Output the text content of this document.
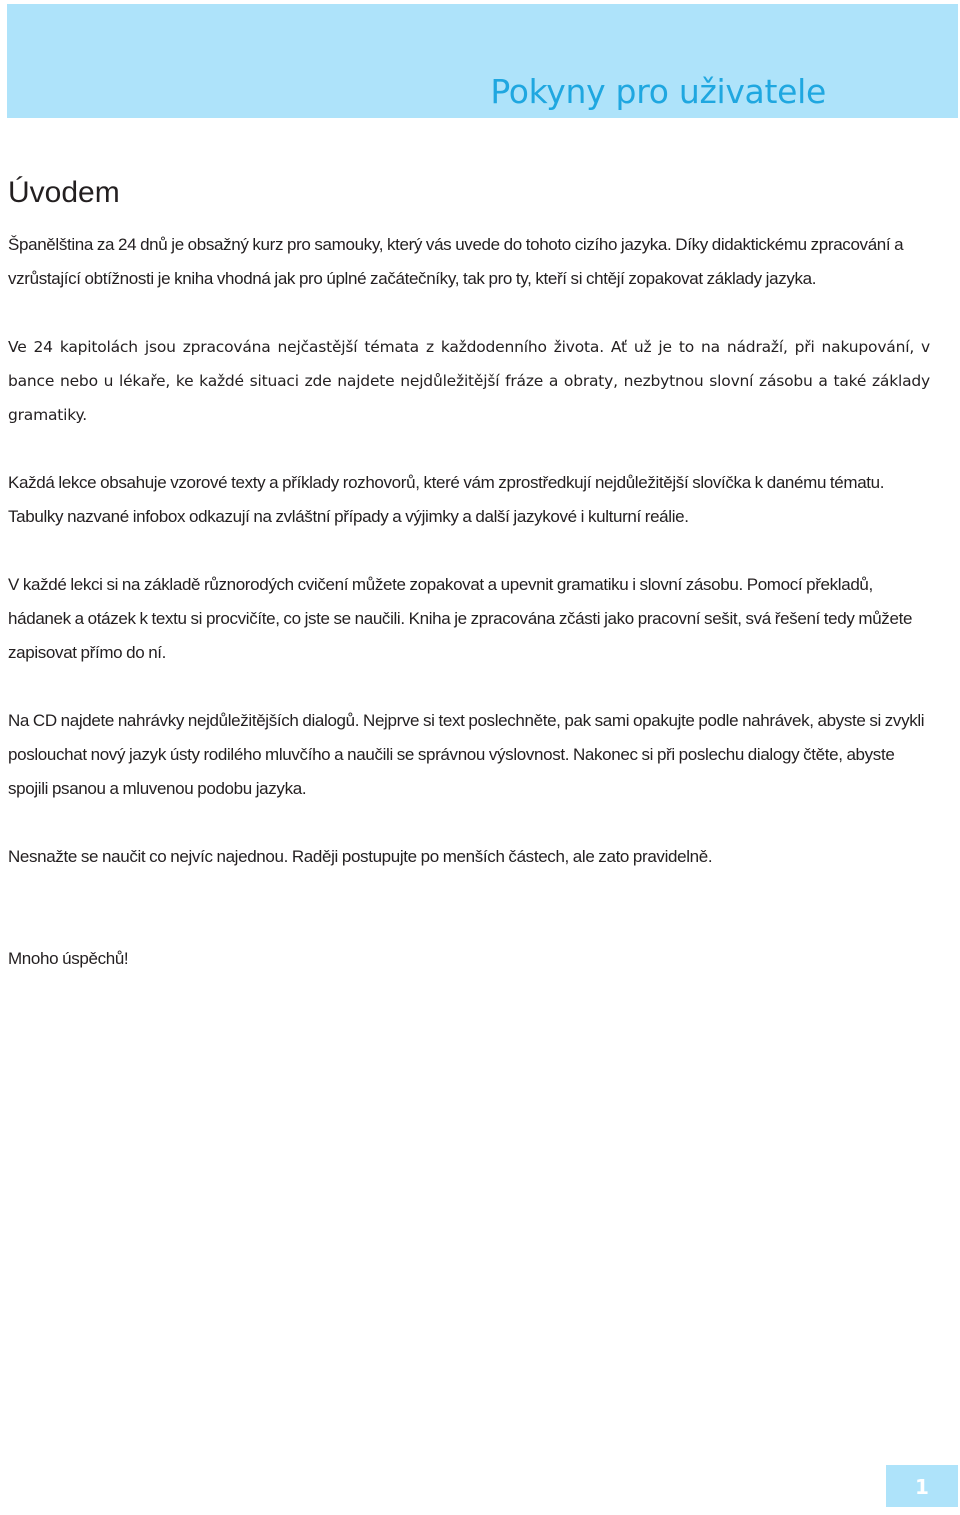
Pokyny pro uživatele
Úvodem

Španělština za 24 dnů je obsažný kurz pro samouky, který vás uvede do tohoto cizího jazyka. Díky didaktickému zpracování a vzrůstající obtížnosti je kniha vhodná jak pro úplné začátečníky, tak pro ty, kteří si chtějí zopakovat základy jazyka.

Ve 24 kapitolách jsou zpracována nejčastější témata z každodenního života. Ať už je to na nádraží, při nakupování, v bance nebo u lékaře, ke každé situaci zde najdete nejdůležitější fráze a obraty, nezbytnou slovní zásobu a také základy gramatiky.

Každá lekce obsahuje vzorové texty a příklady rozhovorů, které vám zprostředkují nejdůležitější slovíčka k danému tématu. Tabulky nazvané infobox odkazují na zvláštní případy a výjimky a další jazykové i kulturní reálie.

V každé lekci si na základě různorodých cvičení můžete zopakovat a upevnit gramatiku i slovní zásobu. Pomocí překladů, hádanek a otázek k textu si procvičíte, co jste se naučili. Kniha je zpracována zčásti jako pracovní sešit, svá řešení tedy můžete zapisovat přímo do ní.

Na CD najdete nahrávky nejdůležitějších dialogů. Nejprve si text poslechněte, pak sami opakujte podle nahrávek, abyste si zvykli poslouchat nový jazyk ústy rodilého mluvčího a naučili se správnou výslovnost. Nakonec si při poslechu dialogy čtěte, abyste spojili psanou a mluvenou podobu jazyka.

Nesnažte se naučit co nejvíc najednou. Raději postupujte po menších částech, ale zato pravidelně.

Mnoho úspěchů!

1
